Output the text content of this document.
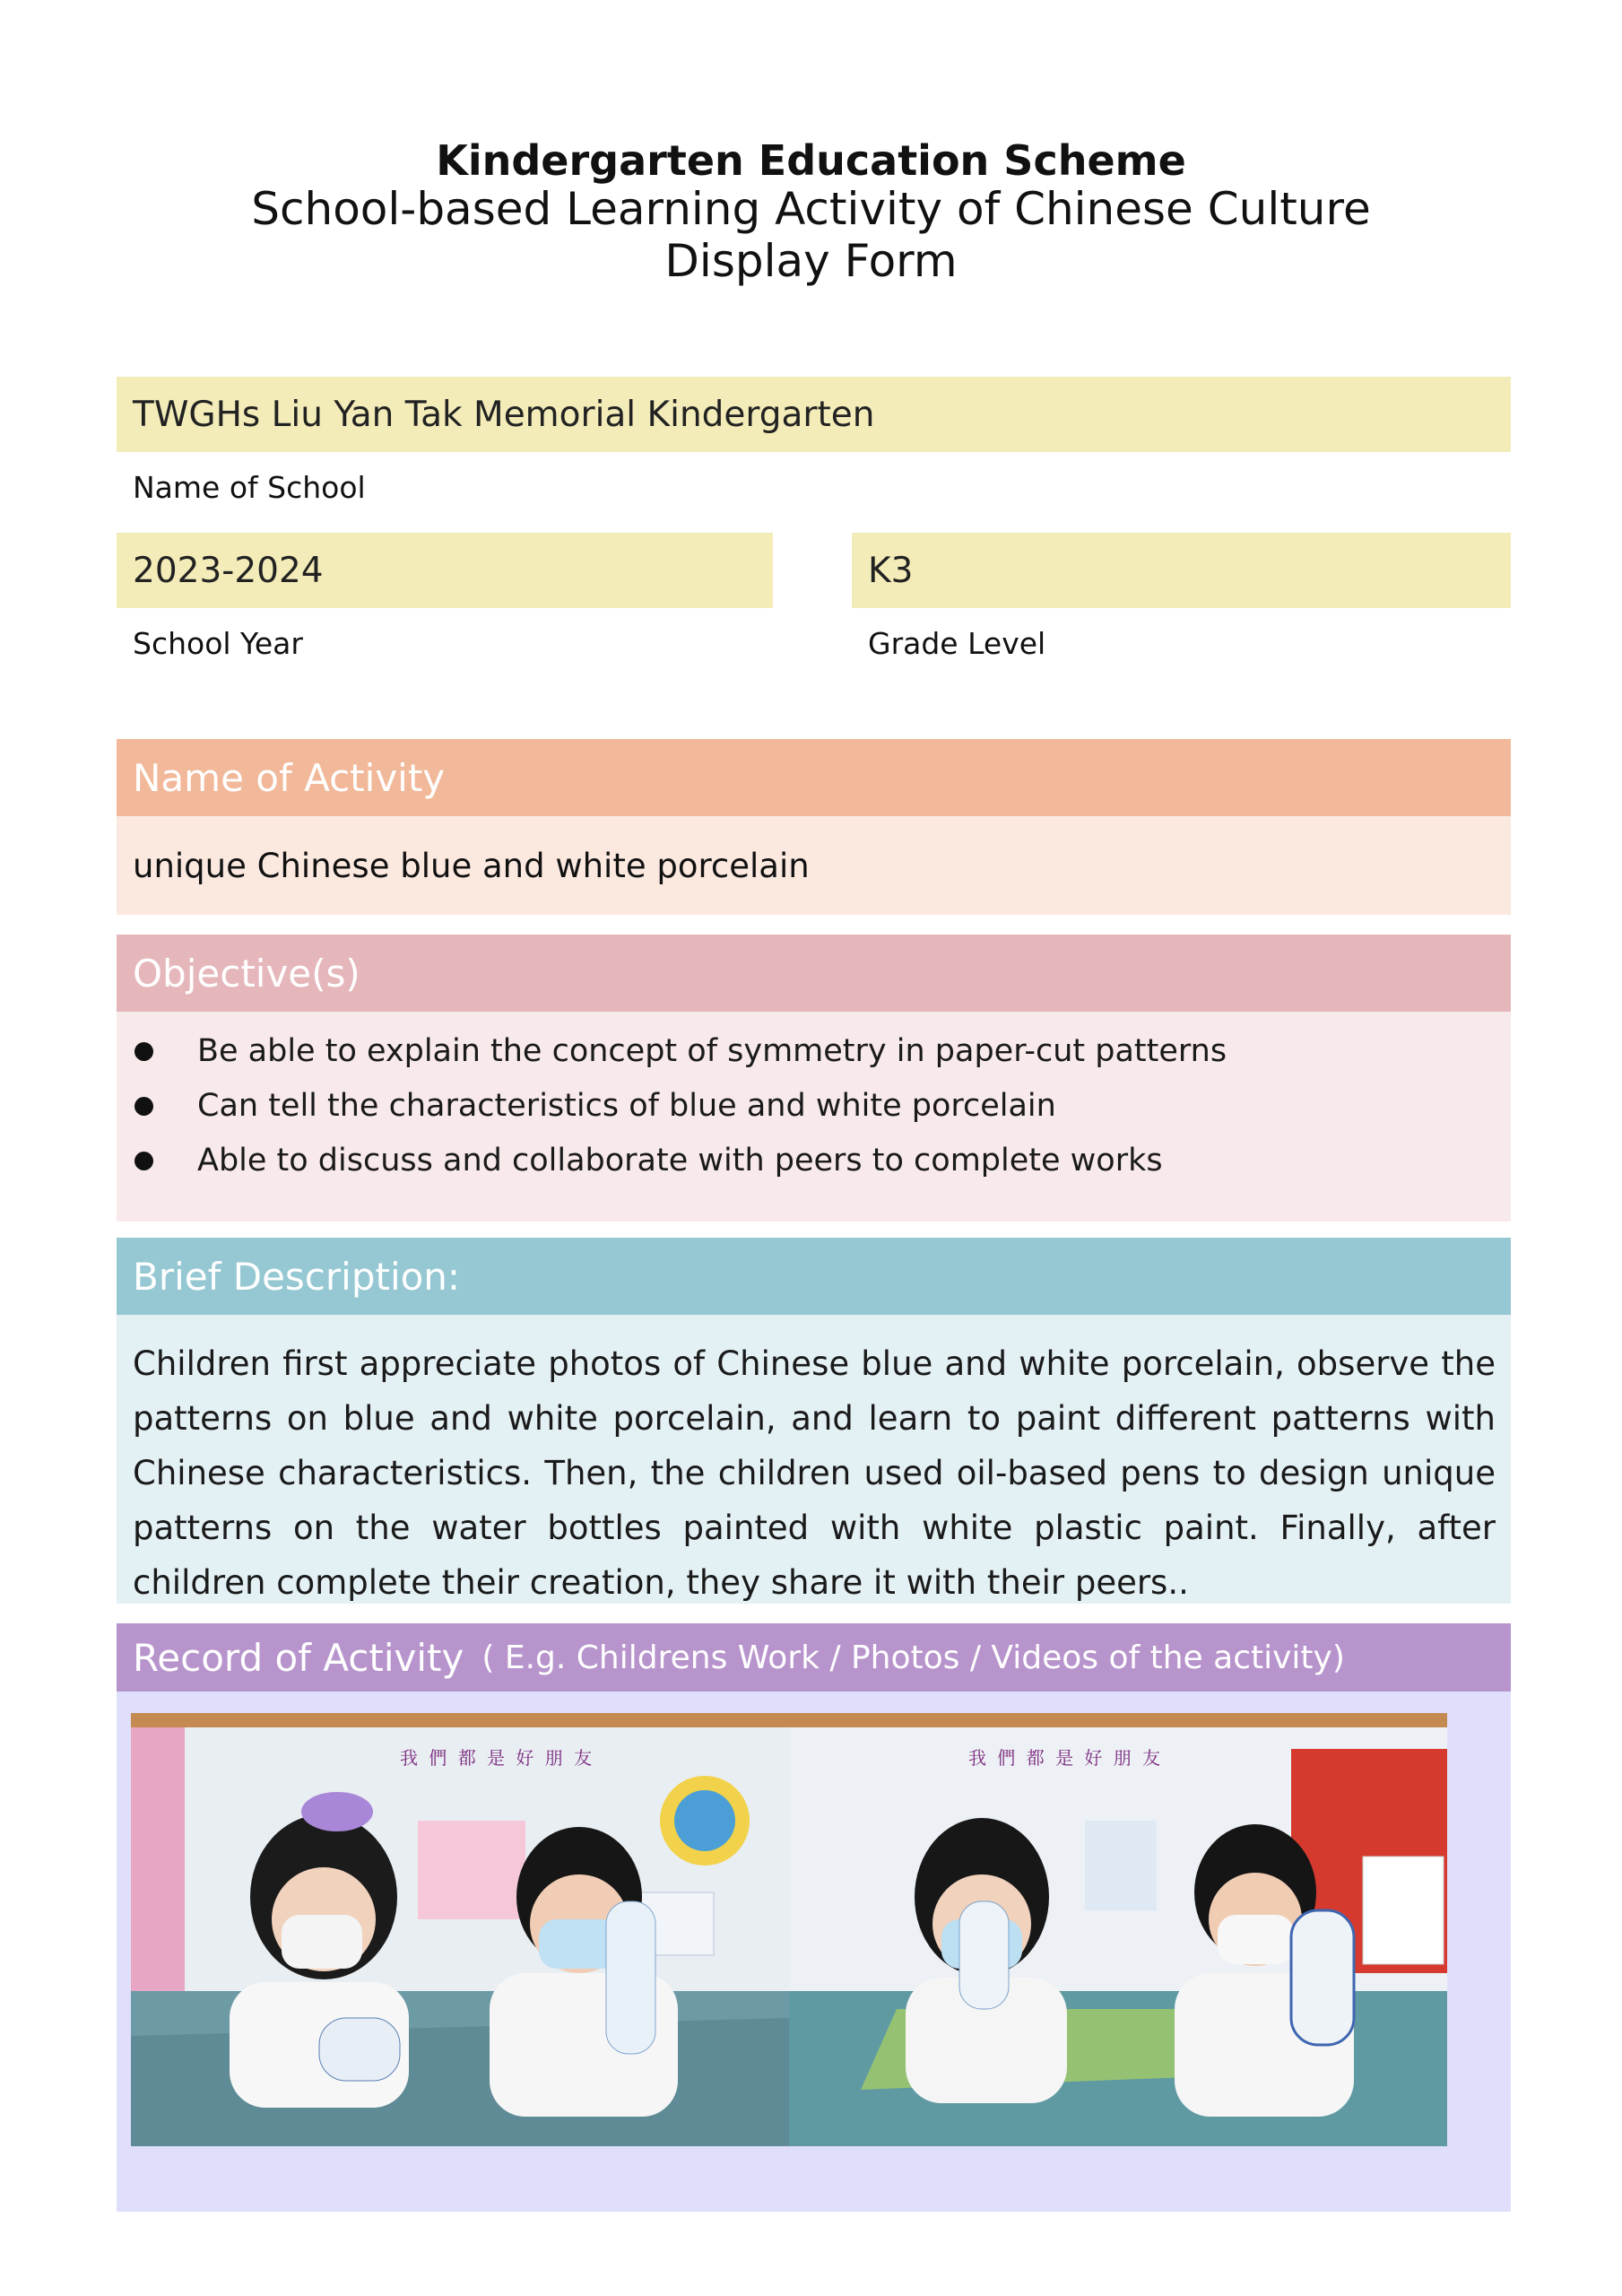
Kindergarten Education Scheme
School-based Learning Activity of Chinese Culture
Display Form
TWGHs Liu Yan Tak Memorial Kindergarten
Name of School
2023-2024
School Year
K3
Grade Level
Name of Activity
unique Chinese blue and white porcelain
Objective(s)
Be able to explain the concept of symmetry in paper-cut patterns
Can tell the characteristics of blue and white porcelain
Able to discuss and collaborate with peers to complete works
Brief Description:
Children first appreciate photos of Chinese blue and white porcelain, observe the patterns on blue and white porcelain, and learn to paint different patterns with Chinese characteristics. Then, the children used oil-based pens to design unique patterns on the water bottles painted with white plastic paint. Finally, after children complete their creation, they share it with their peers..
Record of Activity ( E.g. Childrens Work / Photos / Videos of the activity)
我 們 都 是 好 朋 友	我 們 都 是 好 朋 友
